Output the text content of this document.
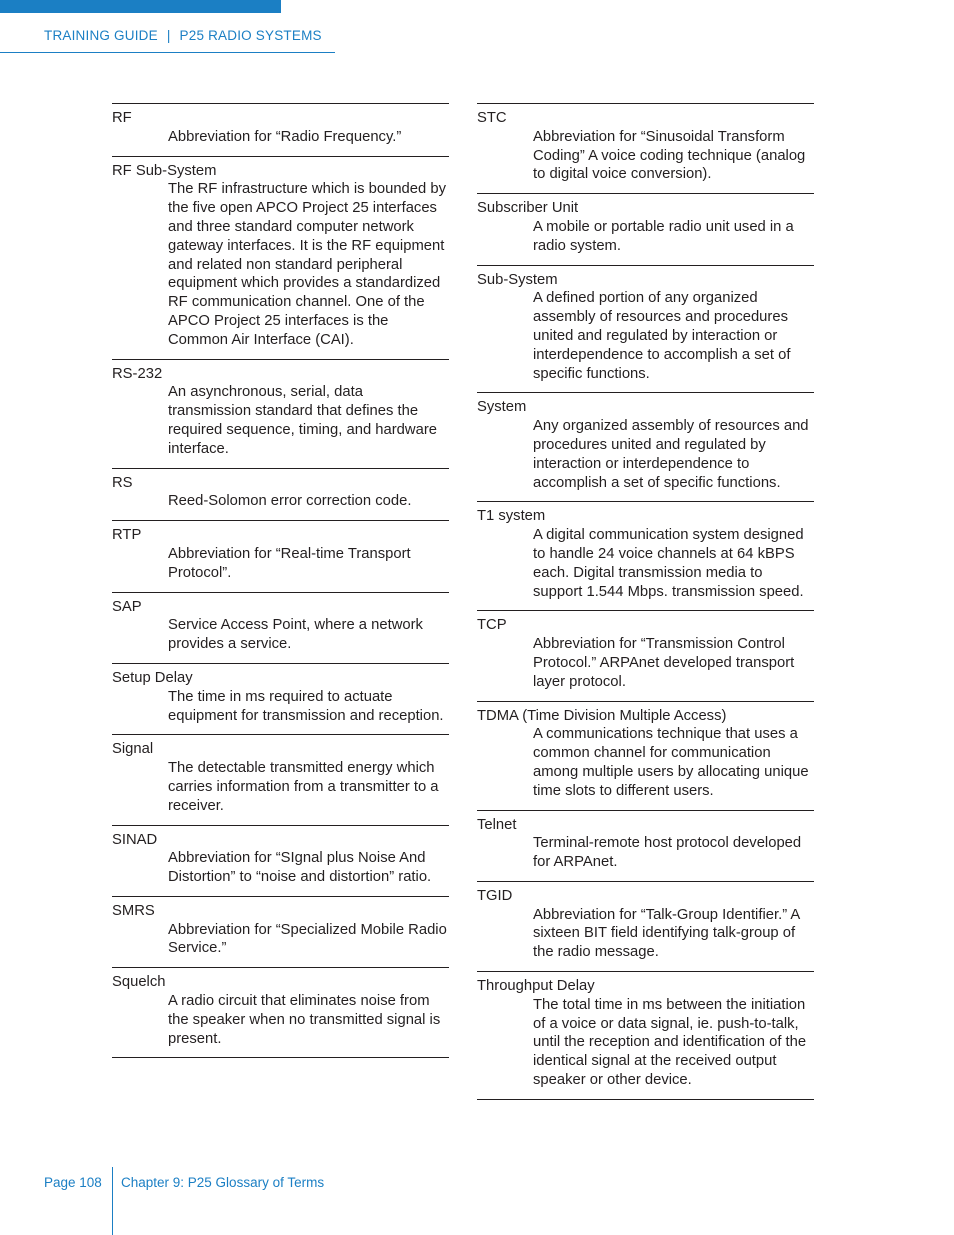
TRAINING GUIDE | P25 RADIO SYSTEMS
RF
Abbreviation for “Radio Frequency.”
RF Sub-System
The RF infrastructure which is bounded by the five open APCO Project 25 interfaces and three standard computer network gateway interfaces. It is the RF equipment and related non standard peripheral equipment which provides a standardized RF communication channel. One of the APCO Project 25 interfaces is the Common Air Interface (CAI).
RS-232
An asynchronous, serial, data transmission standard that defines the required sequence, timing, and hardware interface.
RS
Reed-Solomon error correction code.
RTP
Abbreviation for “Real-time Transport Protocol”.
SAP
Service Access Point, where a network provides a service.
Setup Delay
The time in ms required to actuate equipment for transmission and reception.
Signal
The detectable transmitted energy which carries information from a transmitter to a receiver.
SINAD
Abbreviation for “SIgnal plus Noise And Distortion” to “noise and distortion” ratio.
SMRS
Abbreviation for “Specialized Mobile Radio Service.”
Squelch
A radio circuit that eliminates noise from the speaker when no transmitted signal is present.
STC
Abbreviation for “Sinusoidal Transform Coding” A voice coding technique (analog to digital voice conversion).
Subscriber Unit
A mobile or portable radio unit used in a radio system.
Sub-System
A defined portion of any organized assembly of resources and procedures united and regulated by interaction or interdependence to accomplish a set of specific functions.
System
Any organized assembly of resources and procedures united and regulated by interaction or interdependence to accomplish a set of specific functions.
T1 system
A digital communication system designed to handle 24 voice channels at 64 kBPS each. Digital transmission media to support 1.544 Mbps. transmission speed.
TCP
Abbreviation for “Transmission Control Protocol.” ARPAnet developed transport layer protocol.
TDMA (Time Division Multiple Access)
A communications technique that uses a common channel for communication among multiple users by allocating unique time slots to different users.
Telnet
Terminal-remote host protocol developed for ARPAnet.
TGID
Abbreviation for “Talk-Group Identifier.” A sixteen BIT field identifying talk-group of the radio message.
Throughput Delay
The total time in ms between the initiation of a voice or data signal, ie. push-to-talk, until the reception and identification of the identical signal at the received output speaker or other device.
Page 108 Chapter 9: P25 Glossary of Terms
